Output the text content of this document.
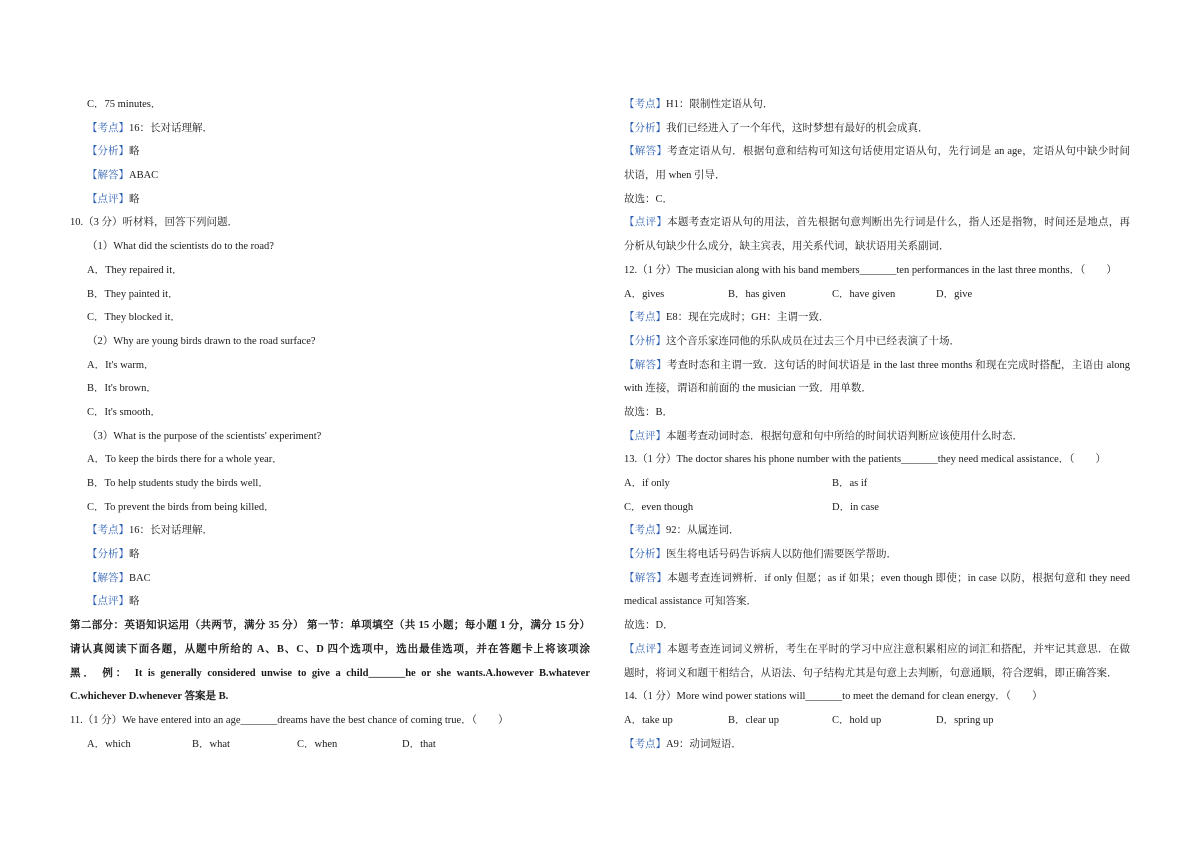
C．75 minutes．
【考点】16：长对话理解．
【分析】略
【解答】ABAC
【点评】略
10.（3 分）听材料，回答下列问题．
（1）What did the scientists do to the road?
A．They repaired it．
B．They painted it．
C．They blocked it．
（2）Why are young birds drawn to the road surface?
A．It's warm．
B．It's brown．
C．It's smooth．
（3）What is the purpose of the scientists' experiment?
A．To keep the birds there for a whole year．
B．To help students study the birds well．
C．To prevent the birds from being killed．
【考点】16：长对话理解．
【分析】略
【解答】BAC
【点评】略
第二部分：英语知识运用（共两节，满分 35 分） 第一节：单项填空（共 15 小题；每小题 1 分，满分 15 分）
请认真阅读下面各题，从题中所给的 A、B、C、D 四个选项中，选出最佳选项，并在答题卡上将该项涂
黑． 例： It is generally considered unwise to give a child_______he or she wants.A.however B.whatever
C.whichever D.whenever 答案是 B.
11.（1 分）We have entered into an age_______dreams have the best chance of coming true．（　　）
A．which	B．what	C．when	D．that
【考点】H1：限制性定语从句．
【分析】我们已经进入了一个年代，这时梦想有最好的机会成真．
【解答】考查定语从句．根据句意和结构可知这句话使用定语从句，先行词是 an age，定语从句中缺少时间
状语，用 when 引导．
故选：C．
【点评】本题考查定语从句的用法，首先根据句意判断出先行词是什么，指人还是指物，时间还是地点，再
分析从句缺少什么成分，缺主宾表，用关系代词，缺状语用关系副词．
12.（1 分）The musician along with his band members_______ten performances in the last three months．（　　）
A．gives	B．has given	C．have given	D．give
【考点】E8：现在完成时；GH：主谓一致．
【分析】这个音乐家连同他的乐队成员在过去三个月中已经表演了十场．
【解答】考查时态和主谓一致．这句话的时间状语是 in the last three months 和现在完成时搭配，主语由 along
with 连接，谓语和前面的 the musician 一致．用单数．
故选：B．
【点评】本题考查动词时态．根据句意和句中所给的时间状语判断应该使用什么时态．
13.（1 分）The doctor shares his phone number with the patients_______they need medical assistance．（　　）
A．if only	B．as if
C．even though	D．in case
【考点】92：从属连词．
【分析】医生将电话号码告诉病人以防他们需要医学帮助．
【解答】本题考查连词辨析．if only 但愿；as if 如果；even though 即使；in case 以防，根据句意和 they need
medical assistance 可知答案．
故选：D．
【点评】本题考查连词词义辨析，考生在平时的学习中应注意积累相应的词汇和搭配，并牢记其意思．在做
题时，将词义和题干相结合，从语法、句子结构尤其是句意上去判断，句意通顺，符合逻辑，即正确答案．
14.（1 分）More wind power stations will_______to meet the demand for clean energy．（　　）
A．take up	B．clear up	C．hold up	D．spring up
【考点】A9：动词短语．
